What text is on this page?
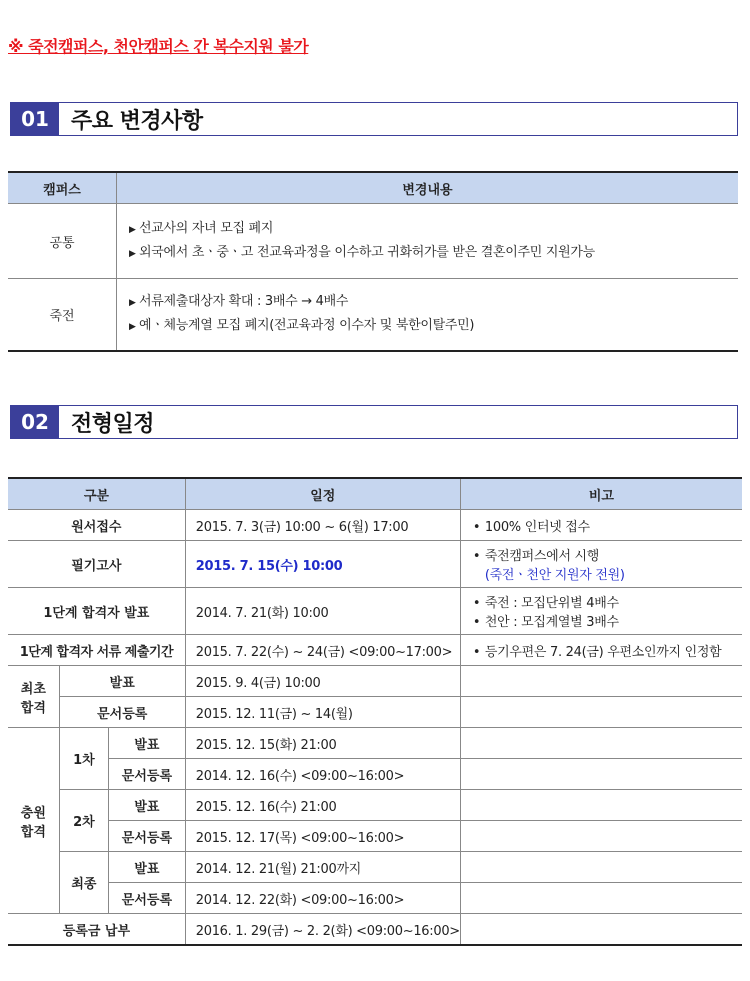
※ 죽전캠퍼스, 천안캠퍼스 간 복수지원 불가
01	주요 변경사항
캠퍼스	변경내용
공통	▶ 선교사의 자녀 모집 폐지
▶ 외국에서 초ㆍ중ㆍ고 전교육과정을 이수하고 귀화허가를 받은 결혼이주민 지원가능

죽전	▶ 서류제출대상자 확대 : 3배수 → 4배수
▶ 예ㆍ체능계열 모집 폐지(전교육과정 이수자 및 북한이탈주민)
02	전형일정
구분			일정	비고
원서접수			2015. 7. 3(금) 10:00 ~ 6(월) 17:00	• 100% 인터넷 접수
필기고사			2015. 7. 15(수) 10:00	• 죽전캠퍼스에서 시행
(죽전ㆍ천안 지원자 전원)

1단계 합격자 발표			2014. 7. 21(화) 10:00	• 죽전 : 모집단위별 4배수
• 천안 : 모집계열별 3배수

1단계 합격자 서류 제출기간			2015. 7. 22(수) ~ 24(금) <09:00~17:00>	• 등기우편은 7. 24(금) 우편소인까지 인정함
최초
합격	발표		2015. 9. 4(금) 10:00	
	문서등록		2015. 12. 11(금) ~ 14(월)	
충원
합격	1차	발표	2015. 12. 15(화) 21:00	
		문서등록	2014. 12. 16(수) <09:00~16:00>	
	2차	발표	2015. 12. 16(수) 21:00	
		문서등록	2015. 12. 17(목) <09:00~16:00>	
	최종	발표	2014. 12. 21(월) 21:00까지	
		문서등록	2014. 12. 22(화) <09:00~16:00>	
등록금 납부			2016. 1. 29(금) ~ 2. 2(화) <09:00~16:00>	
